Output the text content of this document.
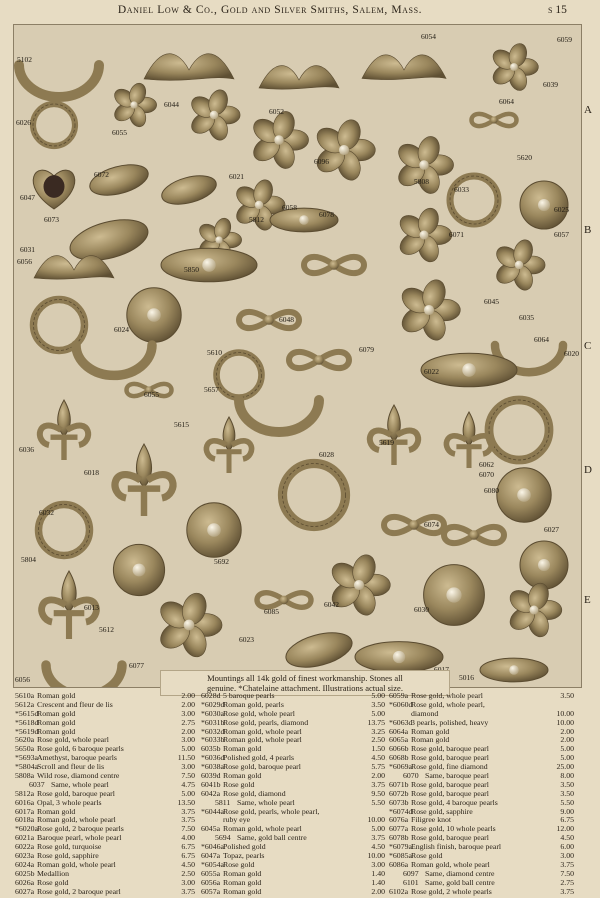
Daniel Low & Co., Gold and Silver Smiths, Salem, Mass.	s 15
5102
6044
6052
6054	6059
6055
6026
6039
6064
6072	6021
6096
5808
5620
6033
6025
6047
6073	5812
6058
6078
6071	6057
6031
6056
5850
6045
6035
6024
6048
6079	6020
5610
6055
6022
6064
5615
5657
5619
6036
6018
6028
6062
6070
6032
6080
6074
6027
5804
6013
5692
6042
6030
5612
6085
6023
6077
6056	5016
A
B
C
D
E
Mountings all 14k gold of finest workmanship. Stones all
genuine. *Chatelaine attachment. Illustrations actual size.
5610a Roman gold	2.00
5612a Crescent and fleur de lis	2.00
*5615d
Roman gold	3.00
*5618d
Roman gold	2.75
*5619d
Roman gold	2.00
5620a Rose gold, whole pearl	3.00
5650a Rose gold, 6 baroque pearls	5.00
*5693a Amethyst, baroque pearls	11.50
*5804a Scroll and fleur de lis	3.00
5808a Wild rose, diamond centre	7.50
6037 Same, whole pearl	4.75
5812a Rose gold, baroque pearl	5.00
6016a Opal, 3 whole pearls	13.50
6017a Roman gold	3.75
6018a Roman gold, whole pearl	3.75
*6020a Rose gold, 2 baroque pearls	7.50
6021a Baroque pearl, whole pearl	4.00
6022a Rose gold, turquoise	6.75
6023a Rose gold, sapphire	6.75
6024a Roman gold, whole pearl	4.50
6025b Medallion	2.50
6026a Rose gold	3.00
6027a Rose gold, 2 baroque pearl	3.75
6028d 5 baroque pearls	5.00
*6029d
Roman gold, pearls	3.50
*6030a Rose gold, whole pearl	5.00
*6031b
Rose gold, pearls, diamond	13.75
*6032d
Roman gold, whole pearl	3.25
*6033b
Roman gold, whole pearl	2.50
6035b Roman gold	1.50
*6036d
Polished gold, 4 pearls	4.50
*6038a Rose gold, baroque pearl	5.75
6039d Roman gold	2.00
6041b Rose gold	3.75
6042a Rose gold, diamond	9.50
5811 Same, whole pearl	5.50
*6044a Rose gold, pearls, whole pearl,
ruby eye	10.00
6045a Roman gold, whole pearl	5.00
5694 Same, gold ball centre	3.75
*6046a Polished gold	4.50
6047a Topaz, pearls	10.00
*6054a Rose gold	3.00
6055a Roman gold	1.40
6056a Roman gold	1.40
6057a Roman gold	2.00
6059a Rose gold, whole pearl	3.50
*6060d
Rose gold, whole pearl,
diamond	10.00
*6063d
3 pearls, polished, heavy	10.00
6064a Roman gold	2.00
6065a Roman gold	2.00
6066b Rose gold, baroque pearl	5.00
6068b Rose gold, baroque pearl	5.00
*6069a Rose gold, fine diamond	25.00
6070 Same, baroque pearl	8.00
6071b Rose gold, baroque pearl	3.50
6072b Rose gold, baroque pearl	3.50
6073b Rose gold, 4 baroque pearls	5.50
*6074d
Rose gold, sapphire	9.00
6076a Filigree knot	6.75
6077a Rose gold, 10 whole pearls	12.00
6078b Rose gold, baroque pearl	4.50
*6079a English finish, baroque pearl	6.00
*6085a Rose gold	3.00
6086a Roman gold, whole pearl	3.75
6097 Same, diamond centre	7.50
6101 Same, gold ball centre	2.75
6102a Rose gold, 2 whole pearls	3.75
